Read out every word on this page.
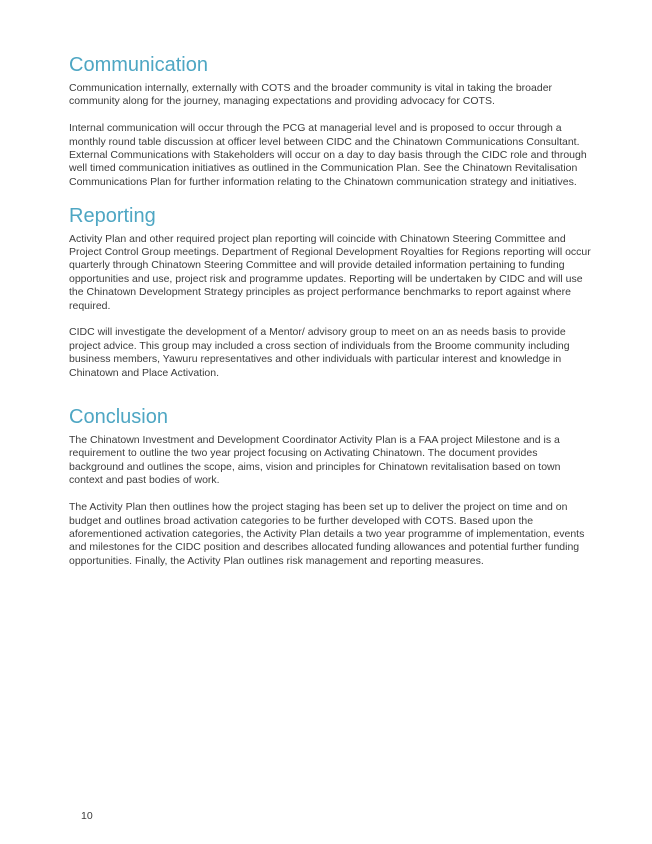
Communication

Communication internally, externally with COTS and the broader community is vital in taking the broader community along for the journey, managing expectations and providing advocacy for COTS.

Internal communication will occur through the PCG at managerial level and is proposed to occur through a monthly round table discussion at officer level between CIDC and the Chinatown Communications Consultant. External Communications with Stakeholders will occur on a day to day basis through the CIDC role and through well timed communication initiatives as outlined in the Communication Plan. See the Chinatown Revitalisation Communications Plan for further information relating to the Chinatown communication strategy and initiatives.

Reporting

Activity Plan and other required project plan reporting will coincide with Chinatown Steering Committee and Project Control Group meetings. Department of Regional Development Royalties for Regions reporting will occur quarterly through Chinatown Steering Committee and will provide detailed information pertaining to funding opportunities and use, project risk and programme updates. Reporting will be undertaken by CIDC and will use the Chinatown Development Strategy principles as project performance benchmarks to report against where required.

CIDC will investigate the development of a Mentor/ advisory group to meet on an as needs basis to provide project advice. This group may included a cross section of individuals from the Broome community including business members, Yawuru representatives and other individuals with particular interest and knowledge in Chinatown and Place Activation.

Conclusion

The Chinatown Investment and Development Coordinator Activity Plan is a FAA project Milestone and is a requirement to outline the two year project focusing on Activating Chinatown. The document provides background and outlines the scope, aims, vision and principles for Chinatown revitalisation based on town context and past bodies of work.

The Activity Plan then outlines how the project staging has been set up to deliver the project on time and on budget and outlines broad activation categories to be further developed with COTS. Based upon the aforementioned activation categories, the Activity Plan details a two year programme of implementation, events and milestones for the CIDC position and describes allocated funding allowances and potential further funding opportunities. Finally, the Activity Plan outlines risk management and reporting measures.

10
